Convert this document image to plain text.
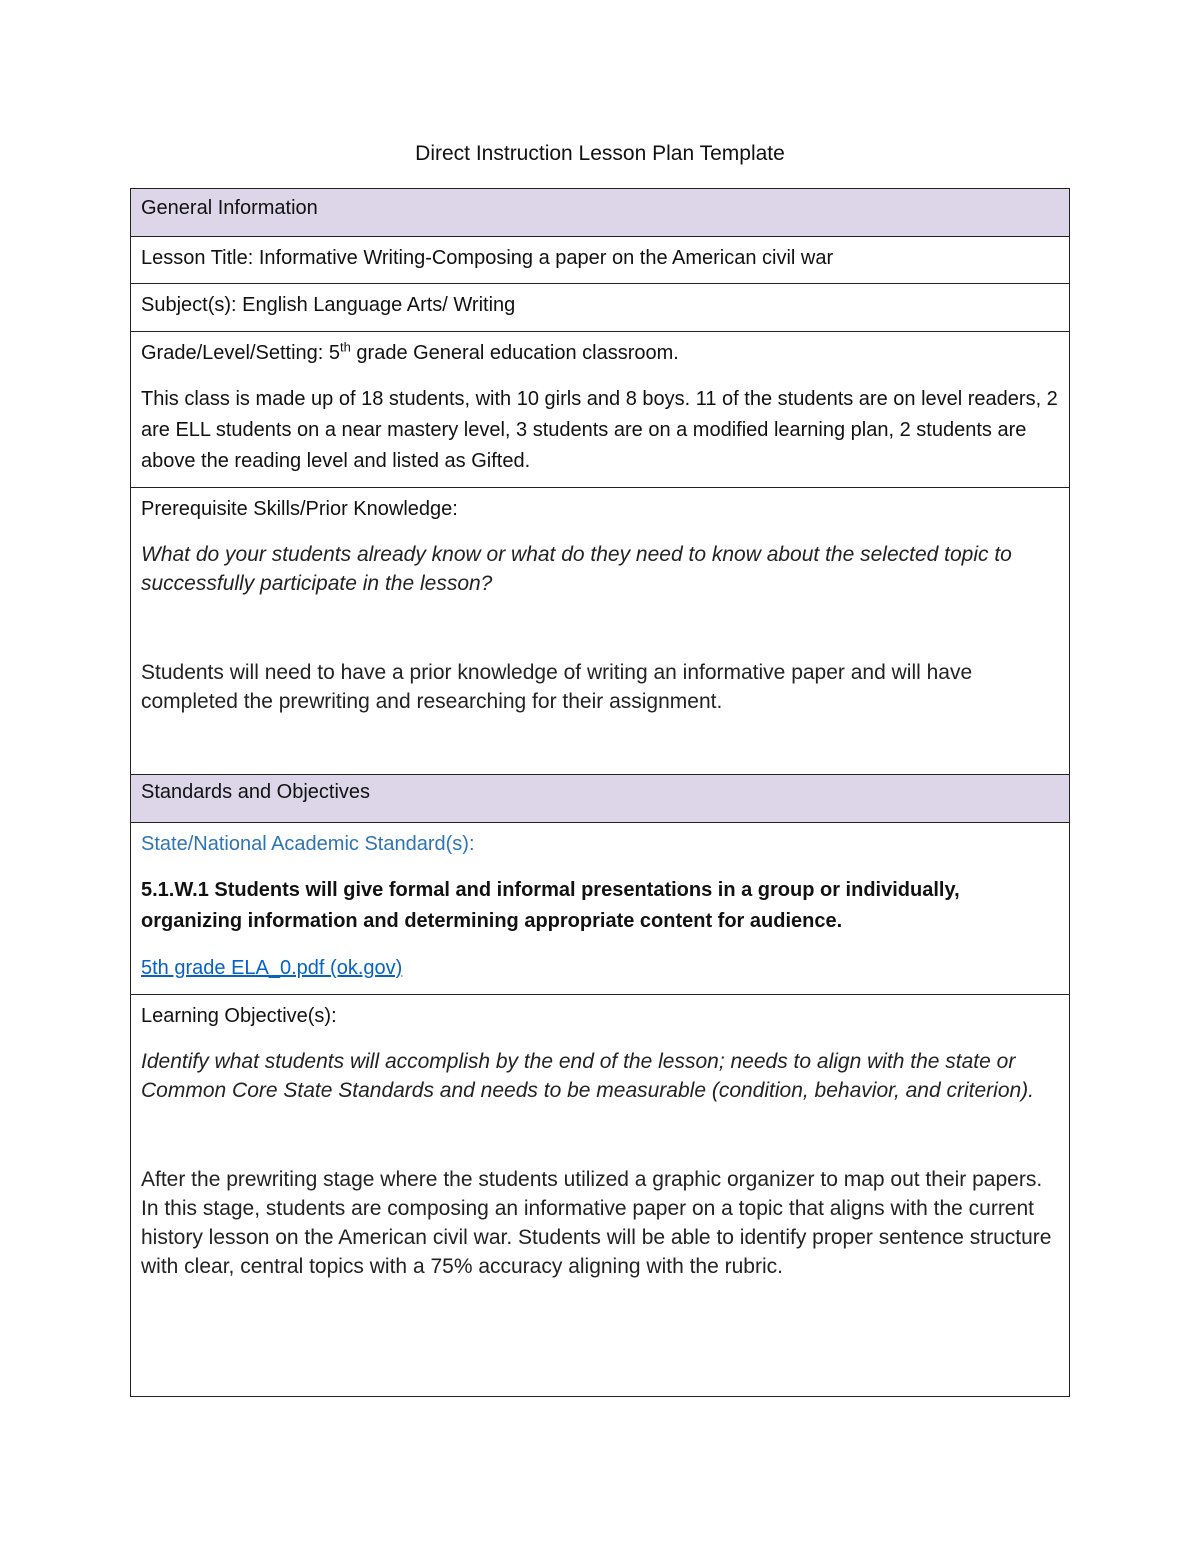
Direct Instruction Lesson Plan Template
General Information
Lesson Title: Informative Writing-Composing a paper on the American civil war
Subject(s): English Language Arts/ Writing

Grade/Level/Setting: 5th grade General education classroom.

This class is made up of 18 students, with 10 girls and 8 boys. 11 of the students are on level readers, 2 are ELL students on a near mastery level, 3 students are on a modified learning plan, 2 students are above the reading level and listed as Gifted.

Prerequisite Skills/Prior Knowledge:

What do your students already know or what do they need to know about the selected topic to successfully participate in the lesson?

Students will need to have a prior knowledge of writing an informative paper and will have completed the prewriting and researching for their assignment.

Standards and Objectives

State/National Academic Standard(s):

5.1.W.1 Students will give formal and informal presentations in a group or individually, organizing information and determining appropriate content for audience.

5th grade ELA_0.pdf (ok.gov)

Learning Objective(s):

Identify what students will accomplish by the end of the lesson; needs to align with the state or Common Core State Standards and needs to be measurable (condition, behavior, and criterion).

After the prewriting stage where the students utilized a graphic organizer to map out their papers. In this stage, students are composing an informative paper on a topic that aligns with the current history lesson on the American civil war. Students will be able to identify proper sentence structure with clear, central topics with a 75% accuracy aligning with the rubric.
